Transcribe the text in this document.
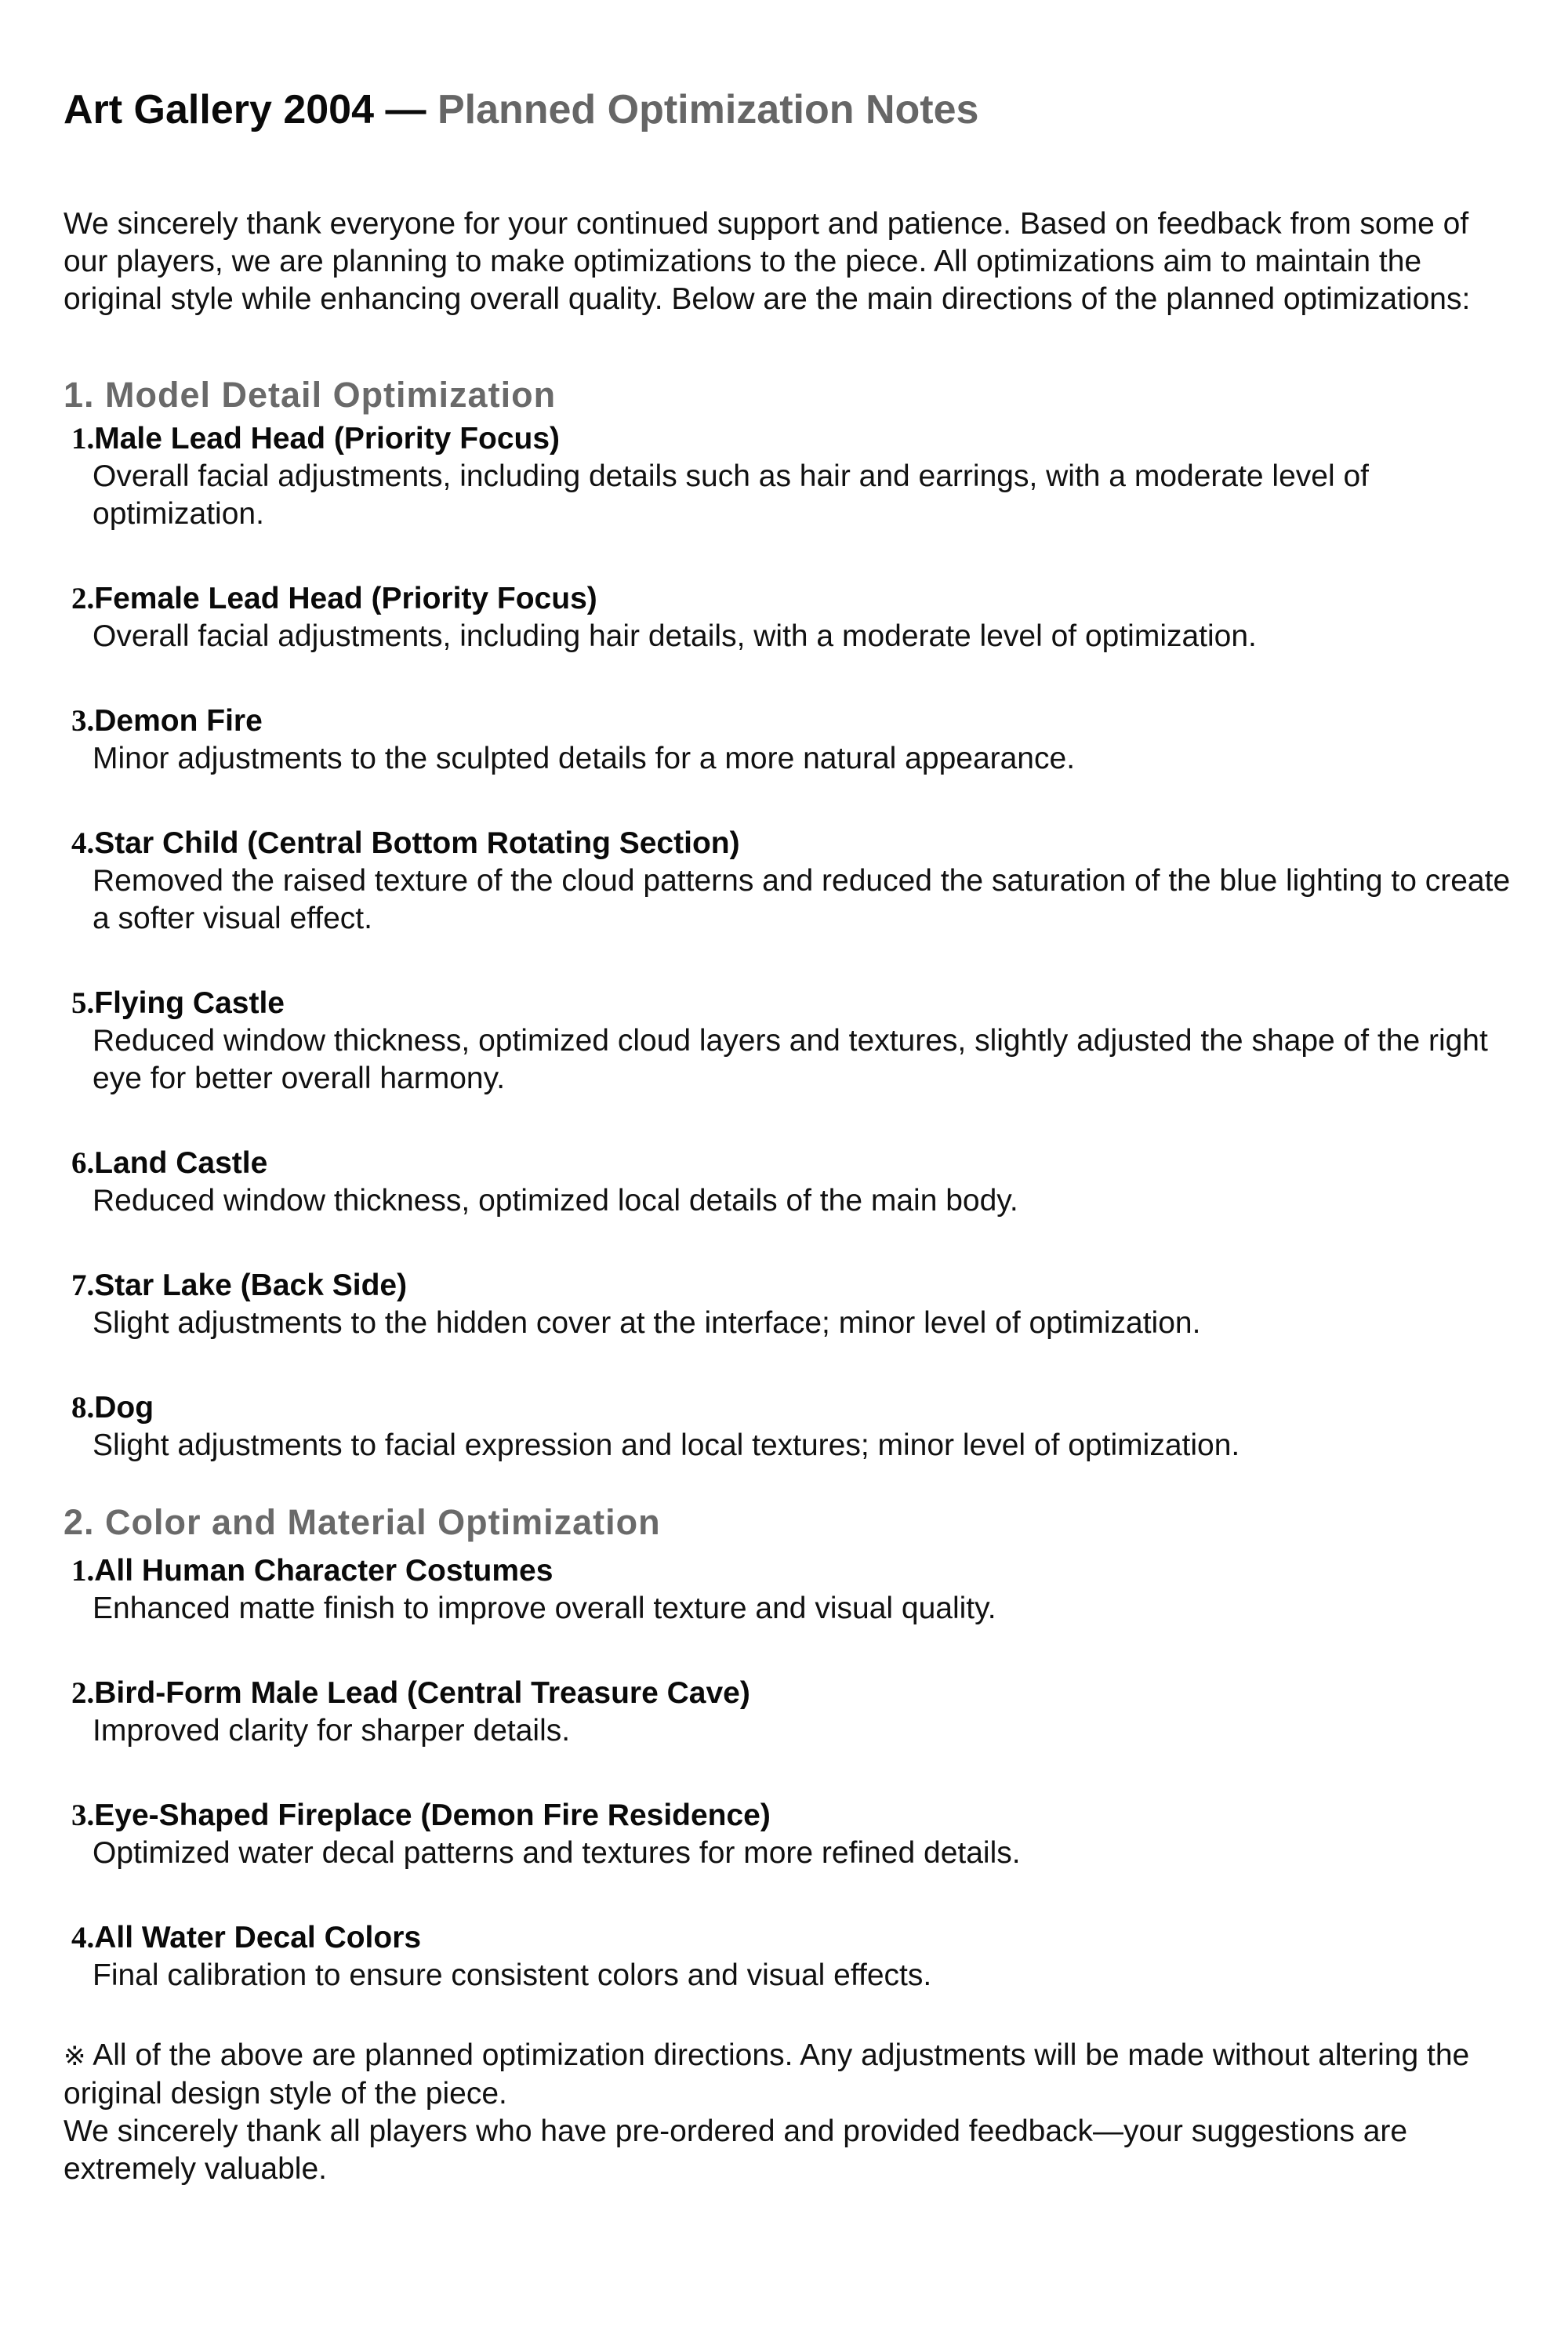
Art Gallery 2004 — Planned Optimization Notes

We sincerely thank everyone for your continued support and patience. Based on feedback from some of our players, we are planning to make optimizations to the piece. All optimizations aim to maintain the original style while enhancing overall quality. Below are the main directions of the planned optimizations:

1. Model Detail Optimization
1.Male Lead Head (Priority Focus)
Overall facial adjustments, including details such as hair and earrings, with a moderate level of optimization.
2.Female Lead Head (Priority Focus)
Overall facial adjustments, including hair details, with a moderate level of optimization.
3.Demon Fire
Minor adjustments to the sculpted details for a more natural appearance.
4.Star Child (Central Bottom Rotating Section)
Removed the raised texture of the cloud patterns and reduced the saturation of the blue lighting to create a softer visual effect.
5.Flying Castle
Reduced window thickness, optimized cloud layers and textures, slightly adjusted the shape of the right eye for better overall harmony.
6.Land Castle
Reduced window thickness, optimized local details of the main body.
7.Star Lake (Back Side)
Slight adjustments to the hidden cover at the interface; minor level of optimization.
8.Dog
Slight adjustments to facial expression and local textures; minor level of optimization.
2. Color and Material Optimization
1.All Human Character Costumes
Enhanced matte finish to improve overall texture and visual quality.
2.Bird-Form Male Lead (Central Treasure Cave)
Improved clarity for sharper details.
3.Eye-Shaped Fireplace (Demon Fire Residence)
Optimized water decal patterns and textures for more refined details.
4.All Water Decal Colors
Final calibration to ensure consistent colors and visual effects.

※ All of the above are planned optimization directions. Any adjustments will be made without altering the original design style of the piece.

We sincerely thank all players who have pre-ordered and provided feedback—your suggestions are extremely valuable.
